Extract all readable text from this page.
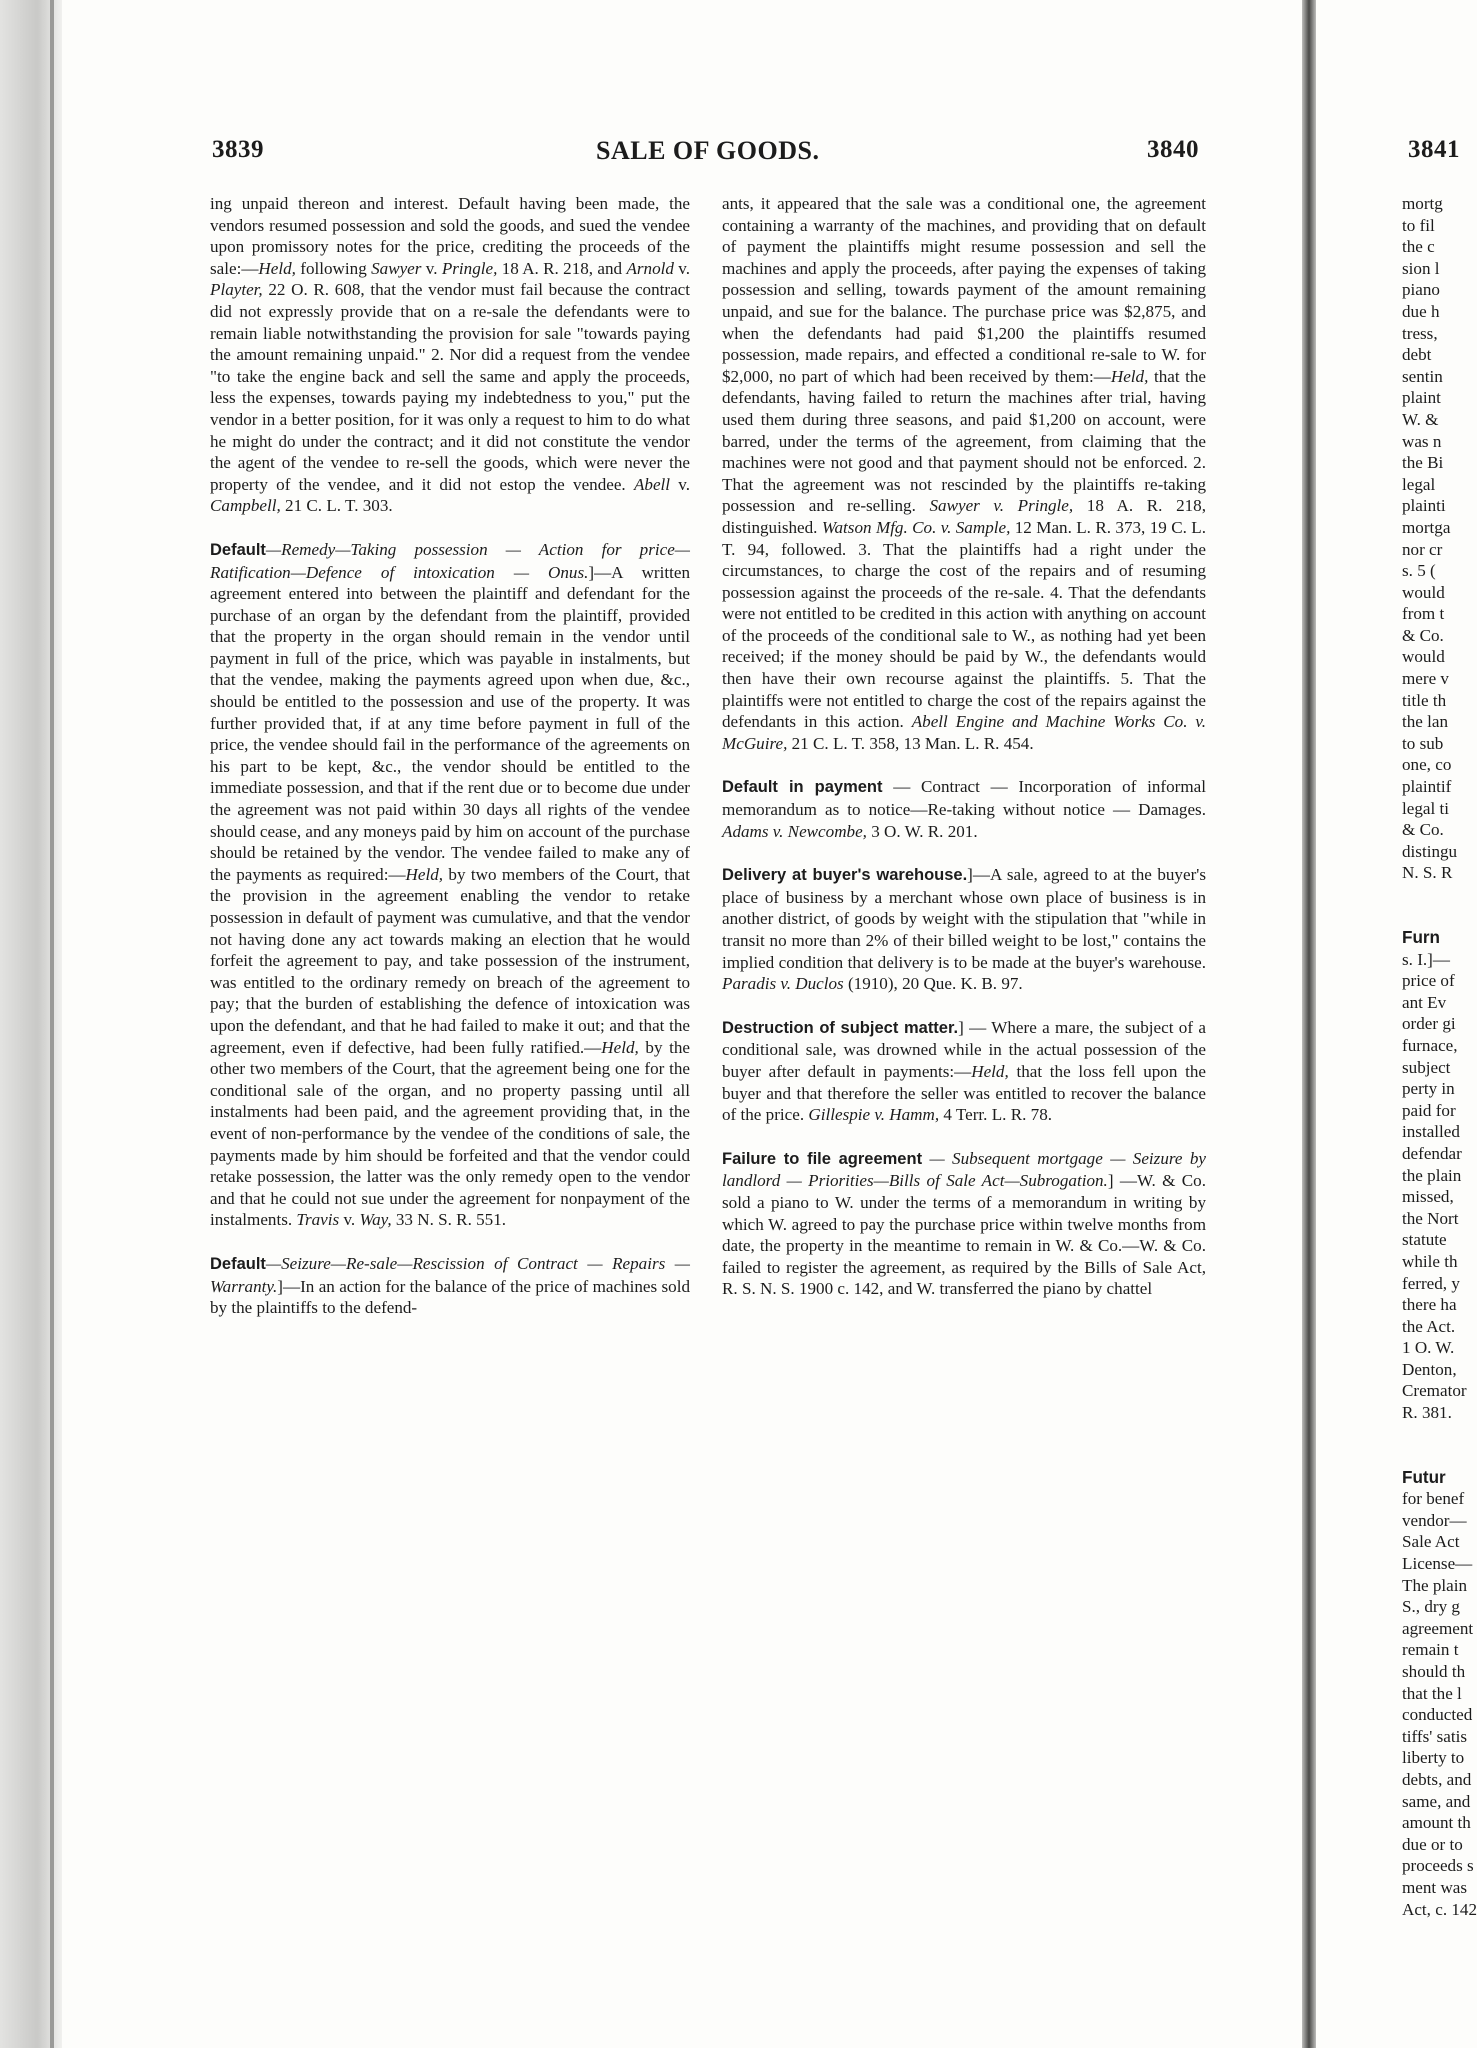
3839	SALE OF GOODS.	3840	3841

ing unpaid thereon and interest. Default having been made, the vendors resumed possession and sold the goods, and sued the vendee upon promissory notes for the price, crediting the proceeds of the sale:—Held, following Sawyer v. Pringle, 18 A. R. 218, and Arnold v. Playter, 22 O. R. 608, that the vendor must fail because the contract did not expressly provide that on a re-sale the defendants were to remain liable notwithstanding the provision for sale "towards paying the amount remaining unpaid." 2. Nor did a request from the vendee "to take the engine back and sell the same and apply the proceeds, less the expenses, towards paying my indebtedness to you," put the vendor in a better position, for it was only a request to him to do what he might do under the contract; and it did not constitute the vendor the agent of the vendee to re-sell the goods, which were never the property of the vendee, and it did not estop the vendee. Abell v. Campbell, 21 C. L. T. 303.

Default—Remedy—Taking possession — Action for price—Ratification—Defence of intoxication — Onus.]—A written agreement entered into between the plaintiff and defendant for the purchase of an organ by the defendant from the plaintiff, provided that the property in the organ should remain in the vendor until payment in full of the price, which was payable in instalments, but that the vendee, making the payments agreed upon when due, &c., should be entitled to the possession and use of the property. It was further provided that, if at any time before payment in full of the price, the vendee should fail in the performance of the agreements on his part to be kept, &c., the vendor should be entitled to the immediate possession, and that if the rent due or to become due under the agreement was not paid within 30 days all rights of the vendee should cease, and any moneys paid by him on account of the purchase should be retained by the vendor. The vendee failed to make any of the payments as required:—Held, by two members of the Court, that the provision in the agreement enabling the vendor to retake possession in default of payment was cumulative, and that the vendor not having done any act towards making an election that he would forfeit the agreement to pay, and take possession of the instrument, was entitled to the ordinary remedy on breach of the agreement to pay; that the burden of establishing the defence of intoxication was upon the defendant, and that he had failed to make it out; and that the agreement, even if defective, had been fully ratified.—Held, by the other two members of the Court, that the agreement being one for the conditional sale of the organ, and no property passing until all instalments had been paid, and the agreement providing that, in the event of non-performance by the vendee of the conditions of sale, the payments made by him should be forfeited and that the vendor could retake possession, the latter was the only remedy open to the vendor and that he could not sue under the agreement for nonpayment of the instalments. Travis v. Way, 33 N. S. R. 551.

Default—Seizure—Re-sale—Rescission of Contract — Repairs — Warranty.]—In an action for the balance of the price of machines sold by the plaintiffs to the defend-

ants, it appeared that the sale was a conditional one, the agreement containing a warranty of the machines, and providing that on default of payment the plaintiffs might resume possession and sell the machines and apply the proceeds, after paying the expenses of taking possession and selling, towards payment of the amount remaining unpaid, and sue for the balance. The purchase price was $2,875, and when the defendants had paid $1,200 the plaintiffs resumed possession, made repairs, and effected a conditional re-sale to W. for $2,000, no part of which had been received by them:—Held, that the defendants, having failed to return the machines after trial, having used them during three seasons, and paid $1,200 on account, were barred, under the terms of the agreement, from claiming that the machines were not good and that payment should not be enforced. 2. That the agreement was not rescinded by the plaintiffs re-taking possession and re-selling. Sawyer v. Pringle, 18 A. R. 218, distinguished. Watson Mfg. Co. v. Sample, 12 Man. L. R. 373, 19 C. L. T. 94, followed. 3. That the plaintiffs had a right under the circumstances, to charge the cost of the repairs and of resuming possession against the proceeds of the re-sale. 4. That the defendants were not entitled to be credited in this action with anything on account of the proceeds of the conditional sale to W., as nothing had yet been received; if the money should be paid by W., the defendants would then have their own recourse against the plaintiffs. 5. That the plaintiffs were not entitled to charge the cost of the repairs against the defendants in this action. Abell Engine and Machine Works Co. v. McGuire, 21 C. L. T. 358, 13 Man. L. R. 454.

Default in payment — Contract — Incorporation of informal memorandum as to notice—Re-taking without notice — Damages. Adams v. Newcombe, 3 O. W. R. 201.

Delivery at buyer's warehouse.]—A sale, agreed to at the buyer's place of business by a merchant whose own place of business is in another district, of goods by weight with the stipulation that "while in transit no more than 2% of their billed weight to be lost," contains the implied condition that delivery is to be made at the buyer's warehouse. Paradis v. Duclos (1910), 20 Que. K. B. 97.

Destruction of subject matter.] — Where a mare, the subject of a conditional sale, was drowned while in the actual possession of the buyer after default in payments:—Held, that the loss fell upon the buyer and that therefore the seller was entitled to recover the balance of the price. Gillespie v. Hamm, 4 Terr. L. R. 78.

Failure to file agreement — Subsequent mortgage — Seizure by landlord — Priorities—Bills of Sale Act—Subrogation.] —W. & Co. sold a piano to W. under the terms of a memorandum in writing by which W. agreed to pay the purchase price within twelve months from date, the property in the meantime to remain in W. & Co.—W. & Co. failed to register the agreement, as required by the Bills of Sale Act, R. S. N. S. 1900 c. 142, and W. transferred the piano by chattel

mortg
to fil
the c
sion l
piano
due h
tress,
debt
sentin
plaint
W. &
was n
the Bi
legal
plainti
mortga
nor cr
s. 5 (
would
from t
& Co.
would
mere v
title th
the lan
to sub
one, co
plaintif
legal ti
& Co.
distingu
N. S. R
Furn
s. I.]—
price of
ant Ev
order gi
furnace,
subject
perty in
paid for
installed
defendar
the plain
missed,
the Nort
statute
while th
ferred, y
there ha
the Act.
1 O. W.
Denton,
Cremator
R. 381.
Futur
for benef
vendor—
Sale Act
License—
The plain
S., dry g
agreement
remain t
should th
that the l
conducted
tiffs' satis
liberty to
debts, and
same, and
amount th
due or to
proceeds s
ment was
Act, c. 142
